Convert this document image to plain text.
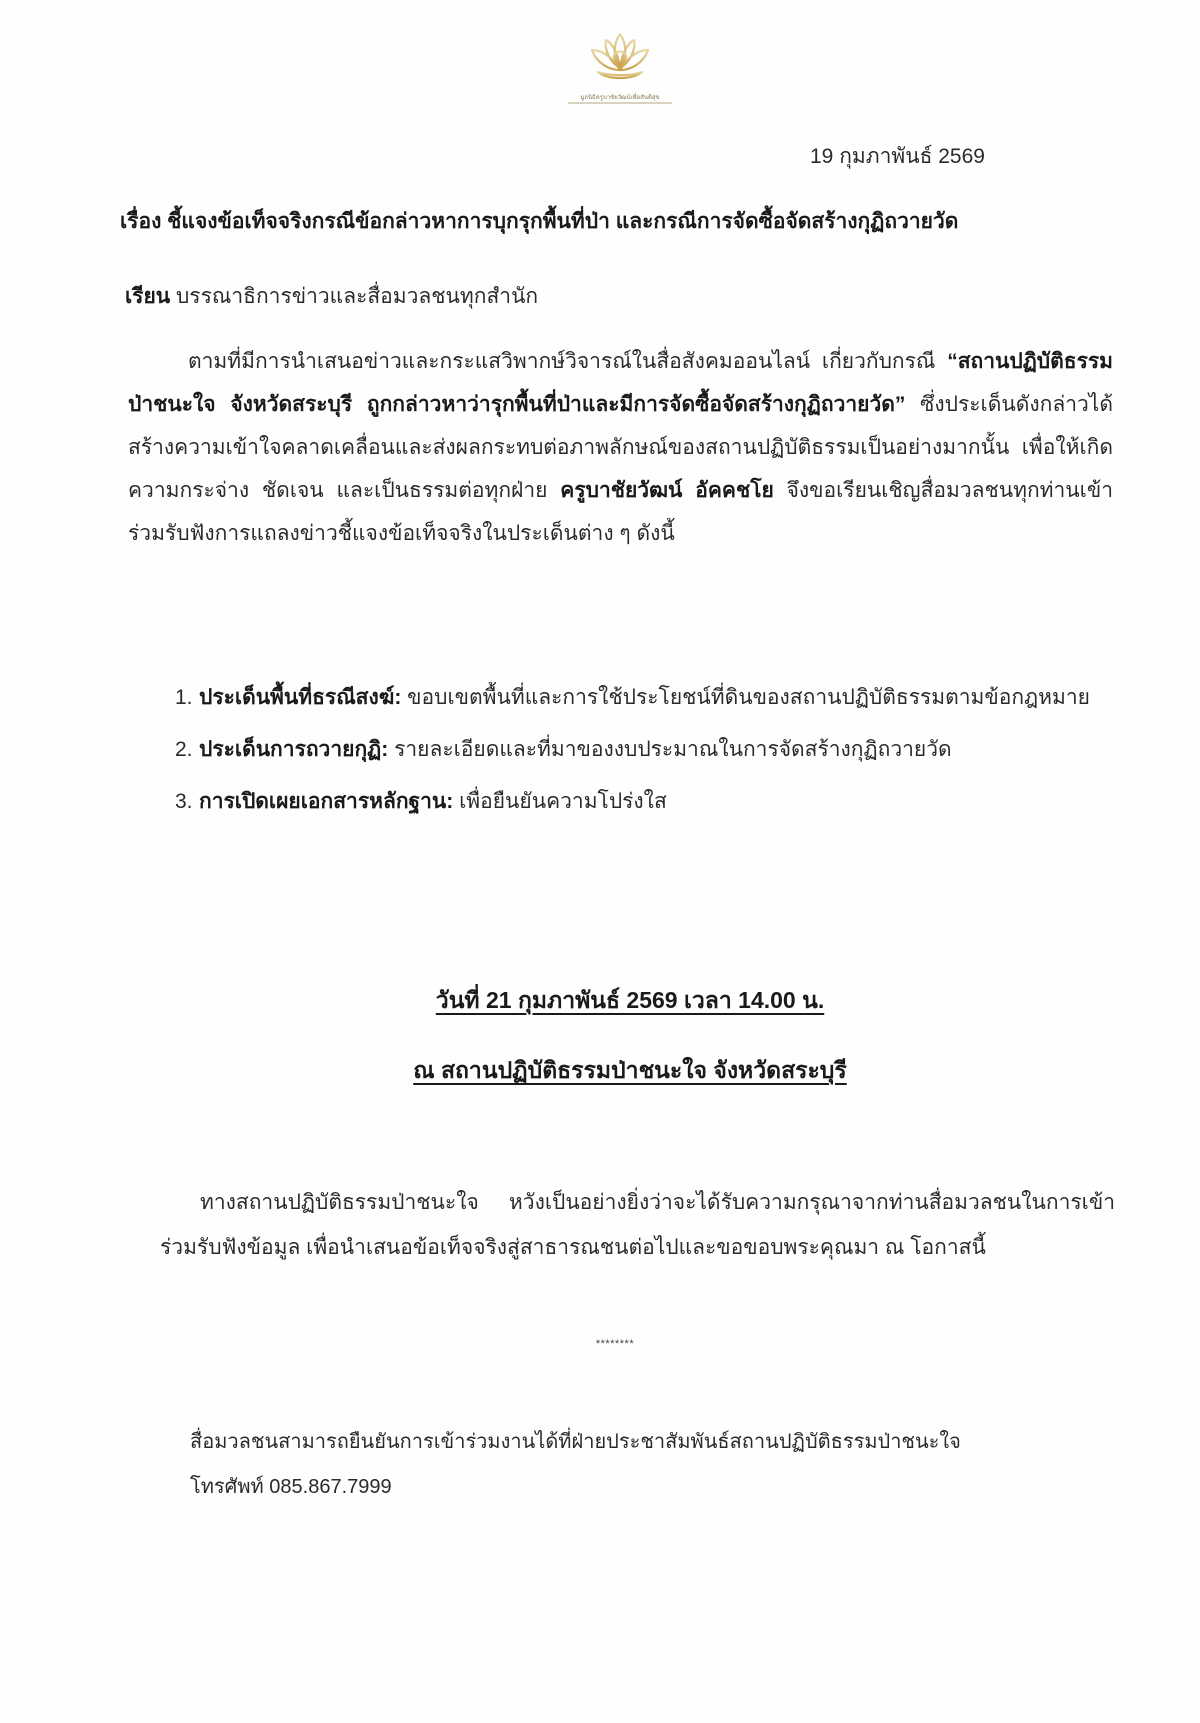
มูลนิธิครูบาชัยวัฒน์เพื่อสันติสุข
19 กุมภาพันธ์ 2569
เรื่อง ชี้แจงข้อเท็จจริงกรณีข้อกล่าวหาการบุกรุกพื้นที่ป่า และกรณีการจัดซื้อจัดสร้างกุฏิถวายวัด
เรียน บรรณาธิการข่าวและสื่อมวลชนทุกสำนัก
ตามที่มีการนำเสนอข่าวและกระแสวิพากษ์วิจารณ์ในสื่อสังคมออนไลน์ เกี่ยวกับกรณี “สถานปฏิบัติธรรมป่าชนะใจ จังหวัดสระบุรี ถูกกล่าวหาว่ารุกพื้นที่ป่าและมีการจัดซื้อจัดสร้างกุฏิถวายวัด” ซึ่งประเด็นดังกล่าวได้สร้างความเข้าใจคลาดเคลื่อนและส่งผลกระทบต่อภาพลักษณ์ของสถานปฏิบัติธรรมเป็นอย่างมากนั้น เพื่อให้เกิดความกระจ่าง ชัดเจน และเป็นธรรมต่อทุกฝ่าย ครูบาชัยวัฒน์ อัคคชโย จึงขอเรียนเชิญสื่อมวลชนทุกท่านเข้าร่วมรับฟังการแถลงข่าวชี้แจงข้อเท็จจริงในประเด็นต่าง ๆ ดังนี้
1. ประเด็นพื้นที่ธรณีสงฆ์: ขอบเขตพื้นที่และการใช้ประโยชน์ที่ดินของสถานปฏิบัติธรรมตามข้อกฎหมาย
2. ประเด็นการถวายกุฏิ: รายละเอียดและที่มาของงบประมาณในการจัดสร้างกุฏิถวายวัด
3. การเปิดเผยเอกสารหลักฐาน: เพื่อยืนยันความโปร่งใส
วันที่ 21 กุมภาพันธ์ 2569 เวลา 14.00 น.
ณ สถานปฏิบัติธรรมป่าชนะใจ จังหวัดสระบุรี
ทางสถานปฏิบัติธรรมป่าชนะใจ หวังเป็นอย่างยิ่งว่าจะได้รับความกรุณาจากท่านสื่อมวลชนในการเข้าร่วมรับฟังข้อมูล เพื่อนำเสนอข้อเท็จจริงสู่สาธารณชนต่อไปและขอขอบพระคุณมา ณ โอกาสนี้
********
สื่อมวลชนสามารถยืนยันการเข้าร่วมงานได้ที่ฝ่ายประชาสัมพันธ์สถานปฏิบัติธรรมป่าชนะใจ
โทรศัพท์ 085.867.7999
